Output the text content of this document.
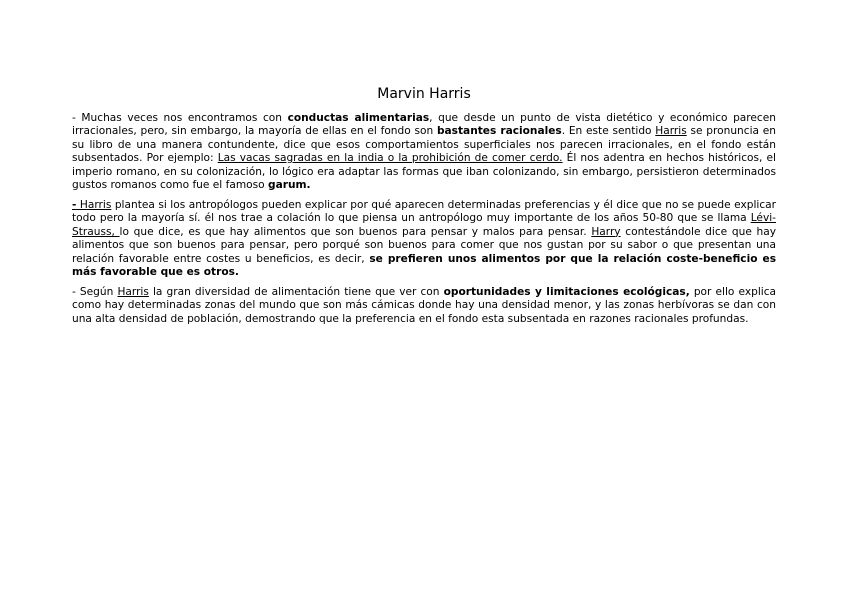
Marvin Harris

- Muchas veces nos encontramos con conductas alimentarias, que desde un punto de vista dietético y económico parecen irracionales, pero, sin embargo, la mayoría de ellas en el fondo son bastantes racionales. En este sentido Harris se pronuncia en su libro de una manera contundente, dice que esos comportamientos superficiales nos parecen irracionales, en el fondo están subsentados. Por ejemplo: Las vacas sagradas en la india o la prohibición de comer cerdo. Él nos adentra en hechos históricos, el imperio romano, en su colonización, lo lógico era adaptar las formas que iban colonizando, sin embargo, persistieron determinados gustos romanos como fue el famoso garum.

- Harris plantea si los antropólogos pueden explicar por qué aparecen determinadas preferencias y él dice que no se puede explicar todo pero la mayoría sí. él nos trae a colación lo que piensa un antropólogo muy importante de los años 50-80 que se llama Lévi-Strauss, lo que dice, es que hay alimentos que son buenos para pensar y malos para pensar. Harry contestándole dice que hay alimentos que son buenos para pensar, pero porqué son buenos para comer que nos gustan por su sabor o que presentan una relación favorable entre costes u beneficios, es decir, se prefieren unos alimentos por que la relación coste-beneficio es más favorable que es otros.

- Según Harris la gran diversidad de alimentación tiene que ver con oportunidades y limitaciones ecológicas, por ello explica como hay determinadas zonas del mundo que son más cámicas donde hay una densidad menor, y las zonas herbívoras se dan con una alta densidad de población, demostrando que la preferencia en el fondo esta subsentada en razones racionales profundas.
